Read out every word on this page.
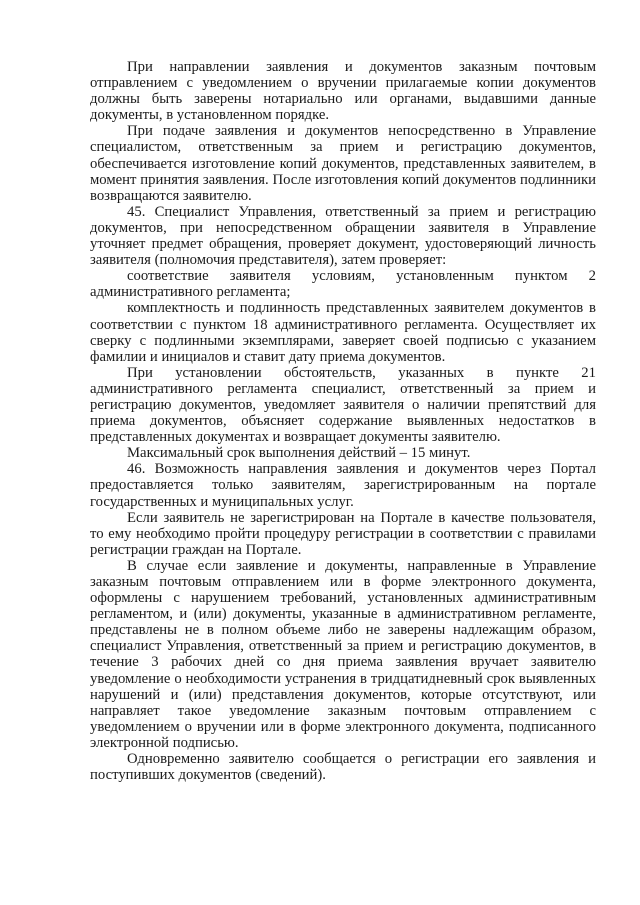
При направлении заявления и документов заказным почтовым отправлением с уведомлением о вручении прилагаемые копии документов должны быть заверены нотариально или органами, выдавшими данные документы, в установленном порядке.

При подаче заявления и документов непосредственно в Управление специалистом, ответственным за прием и регистрацию документов, обеспечивается изготовление копий документов, представленных заявителем, в момент принятия заявления. После изготовления копий документов подлинники возвращаются заявителю.

45. Специалист Управления, ответственный за прием и регистрацию документов, при непосредственном обращении заявителя в Управление уточняет предмет обращения, проверяет документ, удостоверяющий личность заявителя (полномочия представителя), затем проверяет:

соответствие заявителя условиям, установленным пунктом 2 административного регламента;

комплектность и подлинность представленных заявителем документов в соответствии с пунктом 18 административного регламента. Осуществляет их сверку с подлинными экземплярами, заверяет своей подписью с указанием фамилии и инициалов и ставит дату приема документов.

При установлении обстоятельств, указанных в пункте 21 административного регламента специалист, ответственный за прием и регистрацию документов, уведомляет заявителя о наличии препятствий для приема документов, объясняет содержание выявленных недостатков в представленных документах и возвращает документы заявителю.

Максимальный срок выполнения действий – 15 минут.

46. Возможность направления заявления и документов через Портал предоставляется только заявителям, зарегистрированным на портале государственных и муниципальных услуг.

Если заявитель не зарегистрирован на Портале в качестве пользователя, то ему необходимо пройти процедуру регистрации в соответствии с правилами регистрации граждан на Портале.

В случае если заявление и документы, направленные в Управление заказным почтовым отправлением или в форме электронного документа, оформлены с нарушением требований, установленных административным регламентом, и (или) документы, указанные в административном регламенте, представлены не в полном объеме либо не заверены надлежащим образом, специалист Управления, ответственный за прием и регистрацию документов, в течение 3 рабочих дней со дня приема заявления вручает заявителю уведомление о необходимости устранения в тридцатидневный срок выявленных нарушений и (или) представления документов, которые отсутствуют, или направляет такое уведомление заказным почтовым отправлением с уведомлением о вручении или в форме электронного документа, подписанного электронной подписью.

Одновременно заявителю сообщается о регистрации его заявления и поступивших документов (сведений).
